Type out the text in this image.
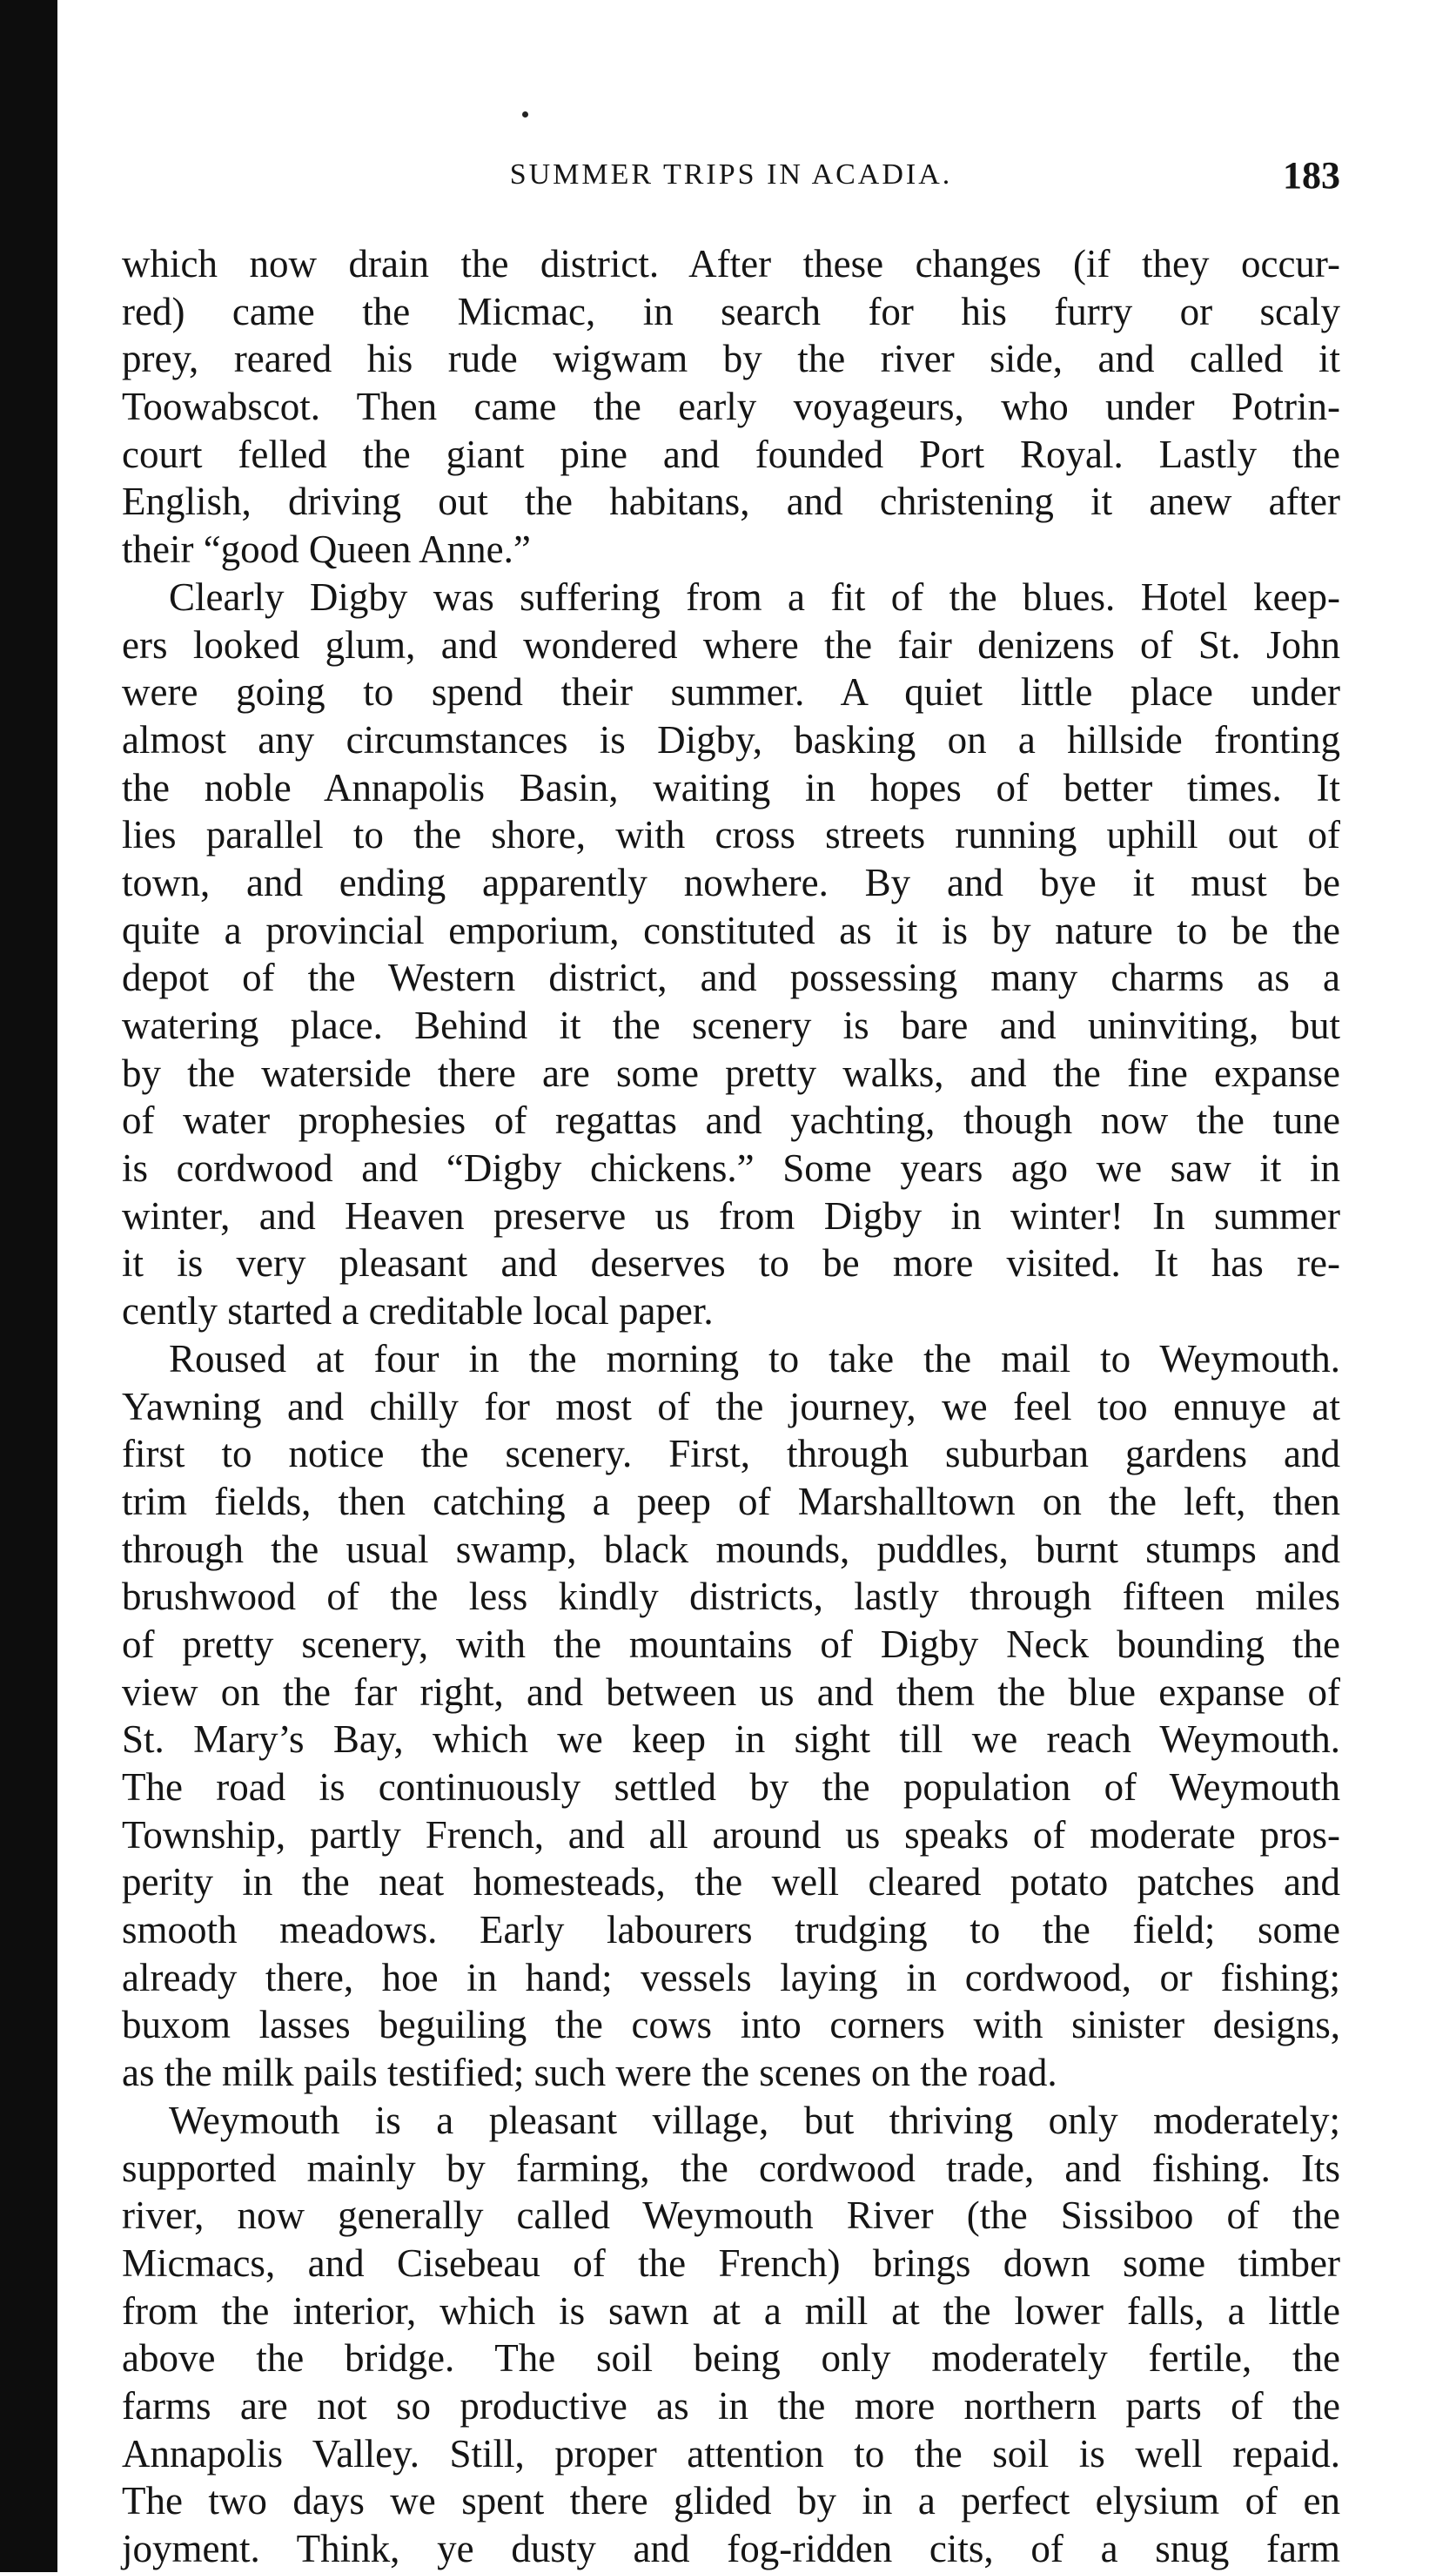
SUMMER TRIPS IN ACADIA.	183
which now drain the district. After these changes (if they occur-
red) came the Micmac, in search for his furry or scaly
prey, reared his rude wigwam by the river side, and called it
Toowabscot. Then came the early voyageurs, who under Potrin-
court felled the giant pine and founded Port Royal. Lastly the
English, driving out the habitans, and christening it anew after
their “good Queen Anne.”
Clearly Digby was suffering from a fit of the blues. Hotel keep-
ers looked glum, and wondered where the fair denizens of St. John
were going to spend their summer. A quiet little place under
almost any circumstances is Digby, basking on a hillside fronting
the noble Annapolis Basin, waiting in hopes of better times. It
lies parallel to the shore, with cross streets running uphill out of
town, and ending apparently nowhere. By and bye it must be
quite a provincial emporium, constituted as it is by nature to be the
depot of the Western district, and possessing many charms as a
watering place. Behind it the scenery is bare and uninviting, but
by the waterside there are some pretty walks, and the fine expanse
of water prophesies of regattas and yachting, though now the tune
is cordwood and “Digby chickens.” Some years ago we saw it in
winter, and Heaven preserve us from Digby in winter! In summer
it is very pleasant and deserves to be more visited. It has re-
cently started a creditable local paper.
Roused at four in the morning to take the mail to Weymouth.
Yawning and chilly for most of the journey, we feel too ennuye at
first to notice the scenery. First, through suburban gardens and
trim fields, then catching a peep of Marshalltown on the left, then
through the usual swamp, black mounds, puddles, burnt stumps and
brushwood of the less kindly districts, lastly through fifteen miles
of pretty scenery, with the mountains of Digby Neck bounding the
view on the far right, and between us and them the blue expanse of
St. Mary’s Bay, which we keep in sight till we reach Weymouth.
The road is continuously settled by the population of Weymouth
Township, partly French, and all around us speaks of moderate pros-
perity in the neat homesteads, the well cleared potato patches and
smooth meadows. Early labourers trudging to the field; some
already there, hoe in hand; vessels laying in cordwood, or fishing;
buxom lasses beguiling the cows into corners with sinister designs,
as the milk pails testified; such were the scenes on the road.
Weymouth is a pleasant village, but thriving only moderately;
supported mainly by farming, the cordwood trade, and fishing. Its
river, now generally called Weymouth River (the Sissiboo of the
Micmacs, and Cisebeau of the French) brings down some timber
from the interior, which is sawn at a mill at the lower falls, a little
above the bridge. The soil being only moderately fertile, the
farms are not so productive as in the more northern parts of the
Annapolis Valley. Still, proper attention to the soil is well repaid.
The two days we spent there glided by in a perfect elysium of en
joyment. Think, ye dusty and fog-ridden cits, of a snug farm
